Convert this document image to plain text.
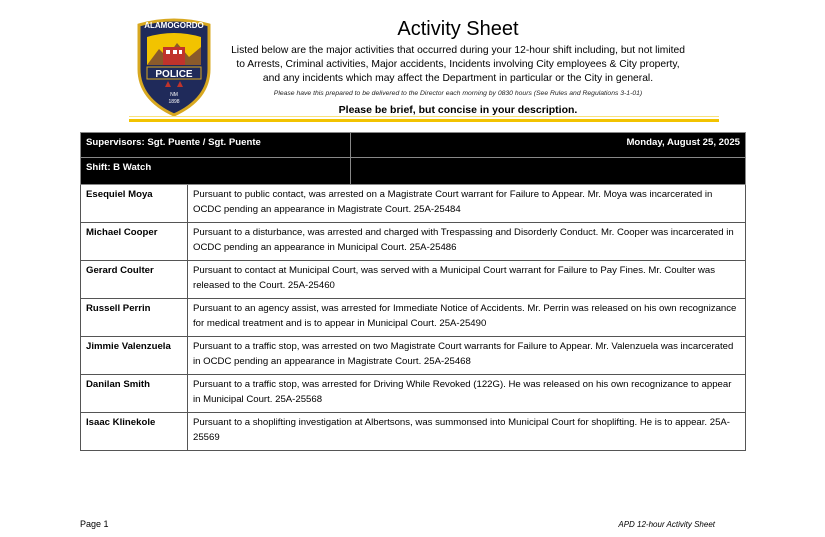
ALAMOGORDO
POLICE
NM
1898
Activity Sheet

Listed below are the major activities that occurred during your 12-hour shift including, but not limited to Arrests, Criminal activities, Major accidents, Incidents involving City employees & City property, and any incidents which may affect the Department in particular or the City in general.

Please have this prepared to be delivered to the Director each morning by 0830 hours (See Rules and Regulations 3-1-01)

Please be brief, but concise in your description.
Supervisors: Sgt. Puente / Sgt. Puente		Monday, August 25, 2025
Shift: B Watch		
Esequiel Moya	Pursuant to public contact, was arrested on a Magistrate Court warrant for Failure to Appear. Mr. Moya was incarcerated in OCDC pending an appearance in Magistrate Court. 25A-25484	
Michael Cooper	Pursuant to a disturbance, was arrested and charged with Trespassing and Disorderly Conduct. Mr. Cooper was incarcerated in OCDC pending an appearance in Municipal Court. 25A-25486	
Gerard Coulter	Pursuant to contact at Municipal Court, was served with a Municipal Court warrant for Failure to Pay Fines. Mr. Coulter was released to the Court. 25A-25460	
Russell Perrin	Pursuant to an agency assist, was arrested for Immediate Notice of Accidents. Mr. Perrin was released on his own recognizance for medical treatment and is to appear in Municipal Court. 25A-25490	
Jimmie Valenzuela	Pursuant to a traffic stop, was arrested on two Magistrate Court warrants for Failure to Appear. Mr. Valenzuela was incarcerated in OCDC pending an appearance in Magistrate Court. 25A-25468	
Danilan Smith	Pursuant to a traffic stop, was arrested for Driving While Revoked (122G). He was released on his own recognizance to appear in Municipal Court. 25A-25568	
Isaac Klinekole	Pursuant to a shoplifting investigation at Albertsons, was summonsed into Municipal Court for shoplifting. He is to appear. 25A-25569	
Page 1	APD 12-hour Activity Sheet
